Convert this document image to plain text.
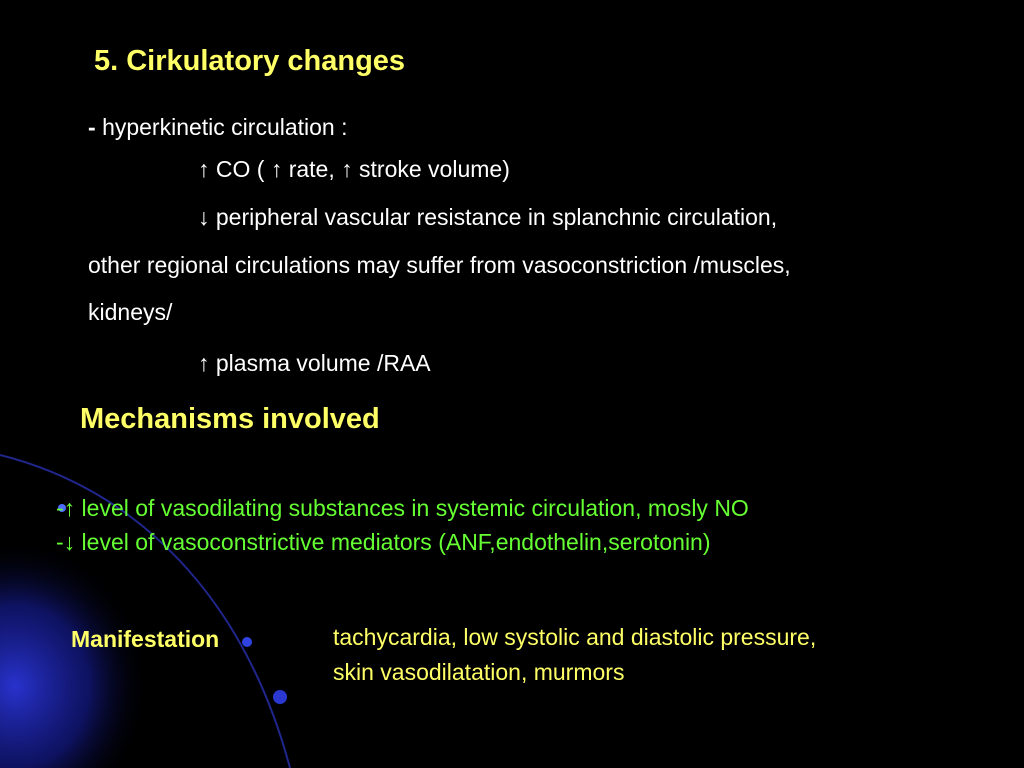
5. Cirkulatory changes
- hyperkinetic circulation :
↑ CO ( ↑ rate, ↑ stroke volume)
↓ peripheral vascular resistance in splanchnic circulation,
other regional circulations may suffer from vasoconstriction /muscles,
kidneys/
↑ plasma volume /RAA
Mechanisms involved
-↑ level of vasodilating substances in systemic circulation, mosly NO
-↓ level of vasoconstrictive mediators (ANF,endothelin,serotonin)
Manifestation	tachycardia, low systolic and diastolic pressure,
skin vasodilatation, murmors
